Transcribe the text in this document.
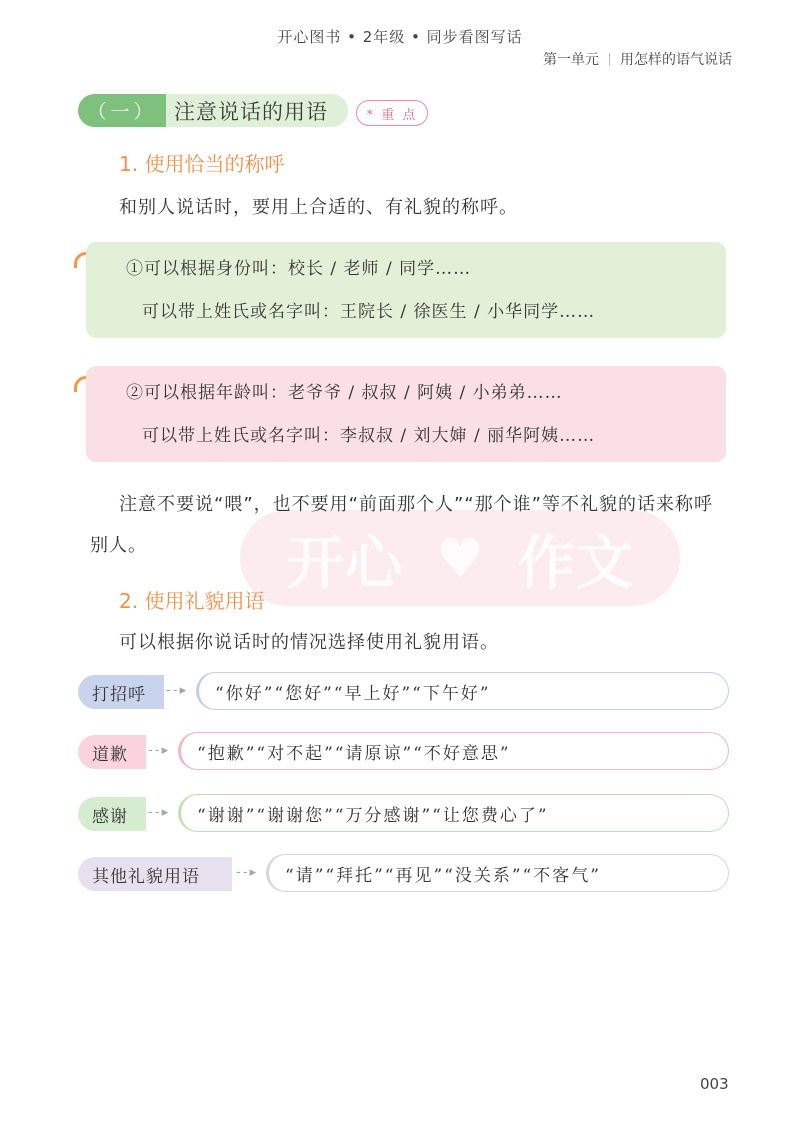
开心图书 • 2年级 • 同步看图写话
第一单元 用怎样的语气说话
（一） 注意说话的用语	* 重 点
1. 使用恰当的称呼
和别人说话时，要用上合适的、有礼貌的称呼。
①可以根据身份叫：校长 / 老师 / 同学……
可以带上姓氏或名字叫：王院长 / 徐医生 / 小华同学……
②可以根据年龄叫：老爷爷 / 叔叔 / 阿姨 / 小弟弟……
可以带上姓氏或名字叫：李叔叔 / 刘大婶 / 丽华阿姨……
开心 ♥ 作文
注意不要说“喂”，也不要用“前面那个人”“那个谁”等不礼貌的话来称呼别人。
2. 使用礼貌用语
可以根据你说话时的情况选择使用礼貌用语。
打招呼	- - ▸	“你好”“您好”“早上好”“下午好”
道歉	- - ▸	“抱歉”“对不起”“请原谅”“不好意思”
感谢	- - ▸	“谢谢”“谢谢您”“万分感谢”“让您费心了”
其他礼貌用语	- - ▸	“请”“拜托”“再见”“没关系”“不客气”
003
